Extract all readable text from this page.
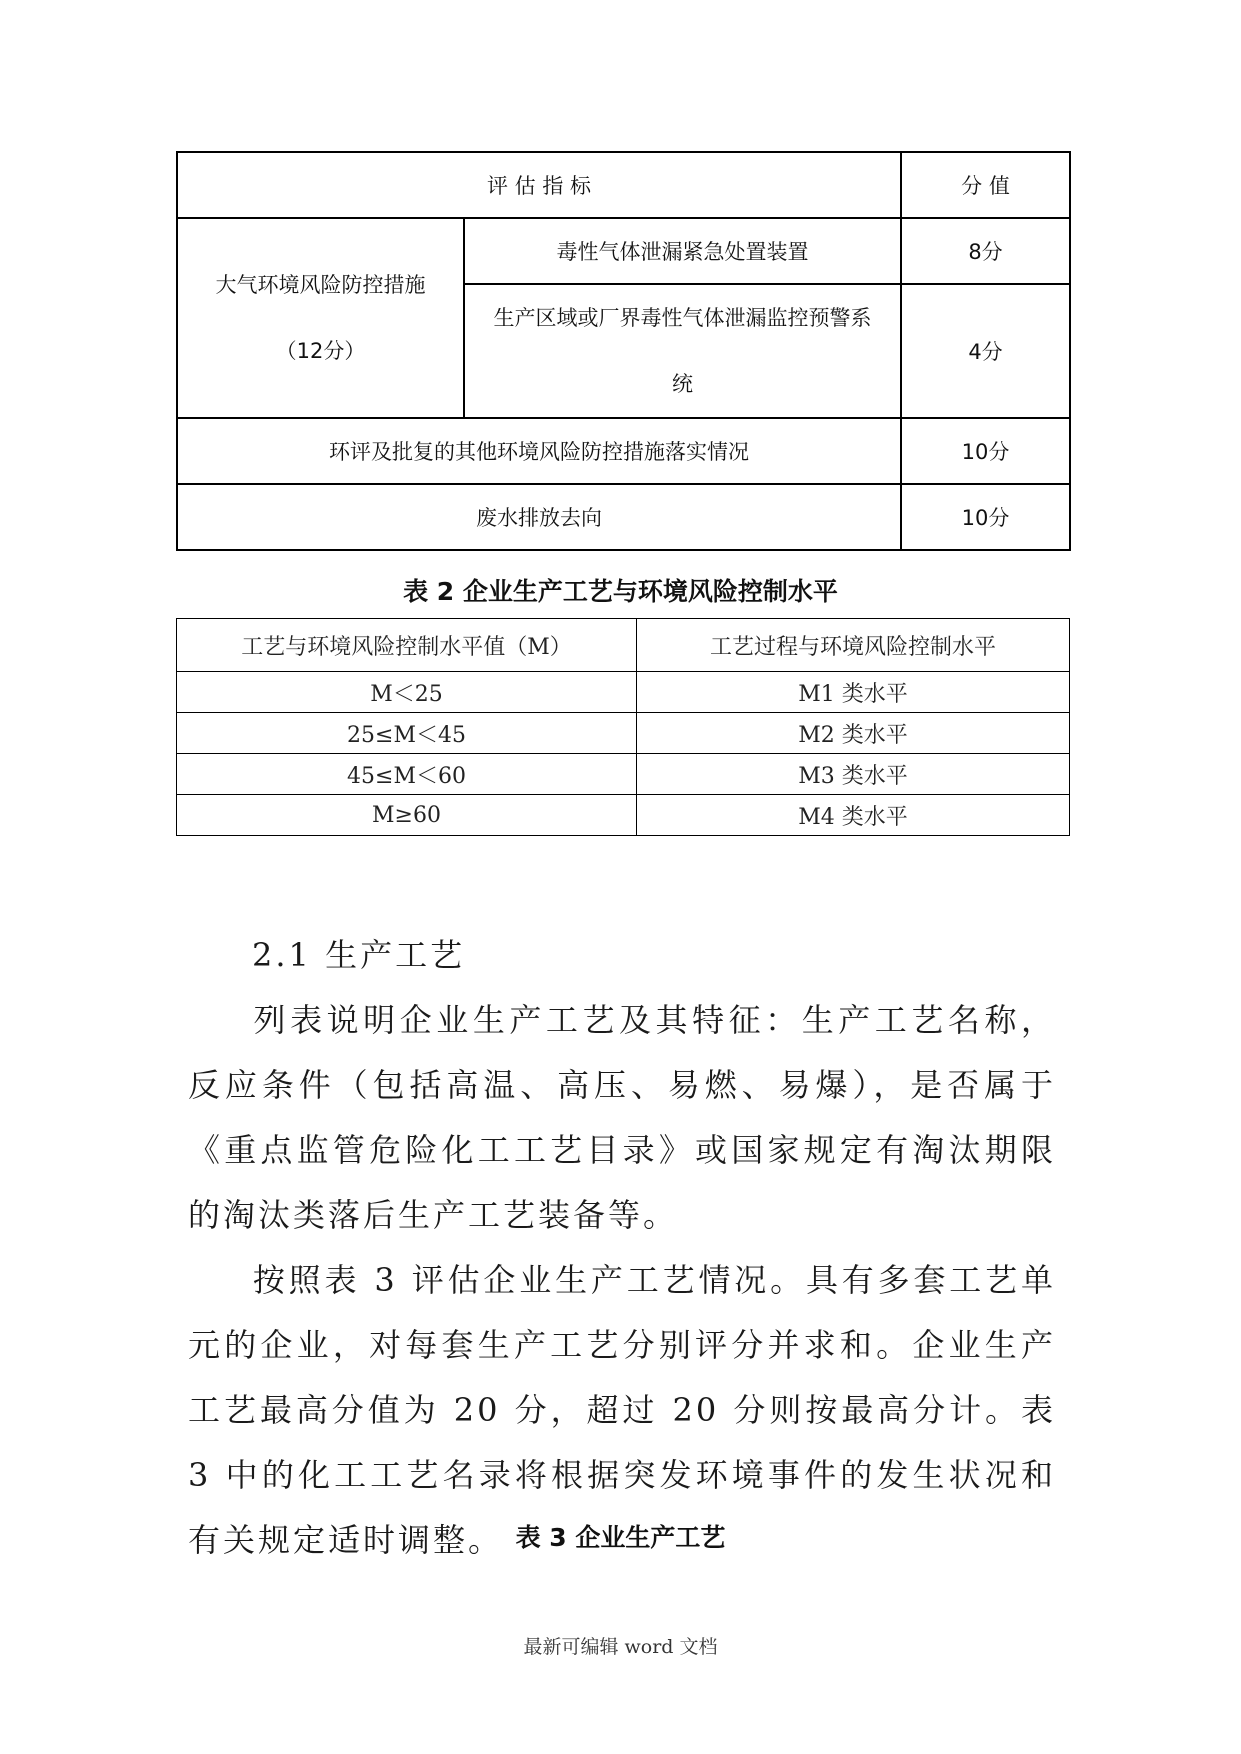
评 估 指 标		分 值

大气环境风险防控措施
（12分）	毒性气体泄漏紧急处置装置	8分

	生产区域或厂界毒性气体泄漏监控预警系
统	4分
环评及批复的其他环境风险防控措施落实情况		10分
废水排放去向		10分
表 2 企业生产工艺与环境风险控制水平
工艺与环境风险控制水平值（M）	工艺过程与环境风险控制水平
M＜25	M1 类水平
25≤M＜45	M2 类水平
45≤M＜60	M3 类水平
M≥60	M4 类水平
2.1 生产工艺
列表说明企业生产工艺及其特征：生产工艺名称，反应条件（包括高温、高压、易燃、易爆），是否属于《重点监管危险化工工艺目录》或国家规定有淘汰期限的淘汰类落后生产工艺装备等。
按照表 3 评估企业生产工艺情况。具有多套工艺单元的企业，对每套生产工艺分别评分并求和。企业生产工艺最高分值为 20 分，超过 20 分则按最高分计。表 3 中的化工工艺名录将根据突发环境事件的发生状况和有关规定适时调整。 表 3 企业生产工艺
最新可编辑 word 文档
